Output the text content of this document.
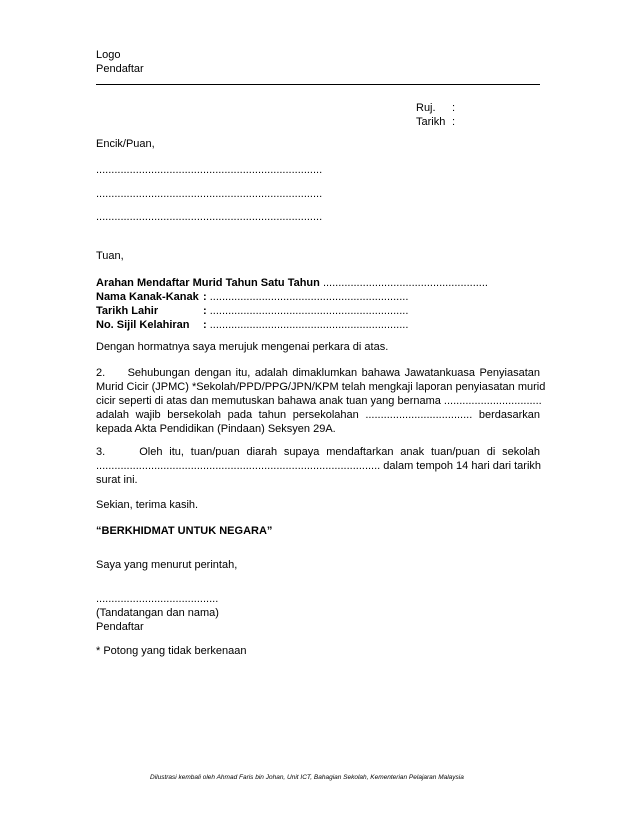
Logo
Pendaftar
Ruj. :
Tarikh :
Encik/Puan,
..........................................................................
..........................................................................
..........................................................................
Tuan,
Arahan Mendaftar Murid Tahun Satu Tahun ......................................................
Nama Kanak-Kanak : .................................................................
Tarikh Lahir	: .................................................................
No. Sijil Kelahiran : .................................................................
Dengan hormatnya saya merujuk mengenai perkara di atas.
2.     Sehubungan dengan itu, adalah dimaklumkan bahawa Jawatankuasa Penyiasatan
Murid Cicir (JPMC) *Sekolah/PPD/PPG/JPN/KPM telah mengkaji laporan penyiasatan murid
cicir seperti di atas dan memutuskan bahawa anak tuan yang bernama ................................
adalah wajib bersekolah pada tahun persekolahan ................................... berdasarkan
kepada Akta Pendidikan (Pindaan) Seksyen 29A.
3.     Oleh itu, tuan/puan diarah supaya mendaftarkan anak tuan/puan di sekolah
............................................................................................. dalam tempoh 14 hari dari tarikh
surat ini.
Sekian, terima kasih.
“BERKHIDMAT UNTUK NEGARA”
Saya yang menurut perintah,
........................................
(Tandatangan dan nama)
Pendaftar
* Potong yang tidak berkenaan
Dilustrasi kembali oleh Ahmad Faris bin Johan, Unit ICT, Bahagian Sekolah, Kementerian Pelajaran Malaysia
